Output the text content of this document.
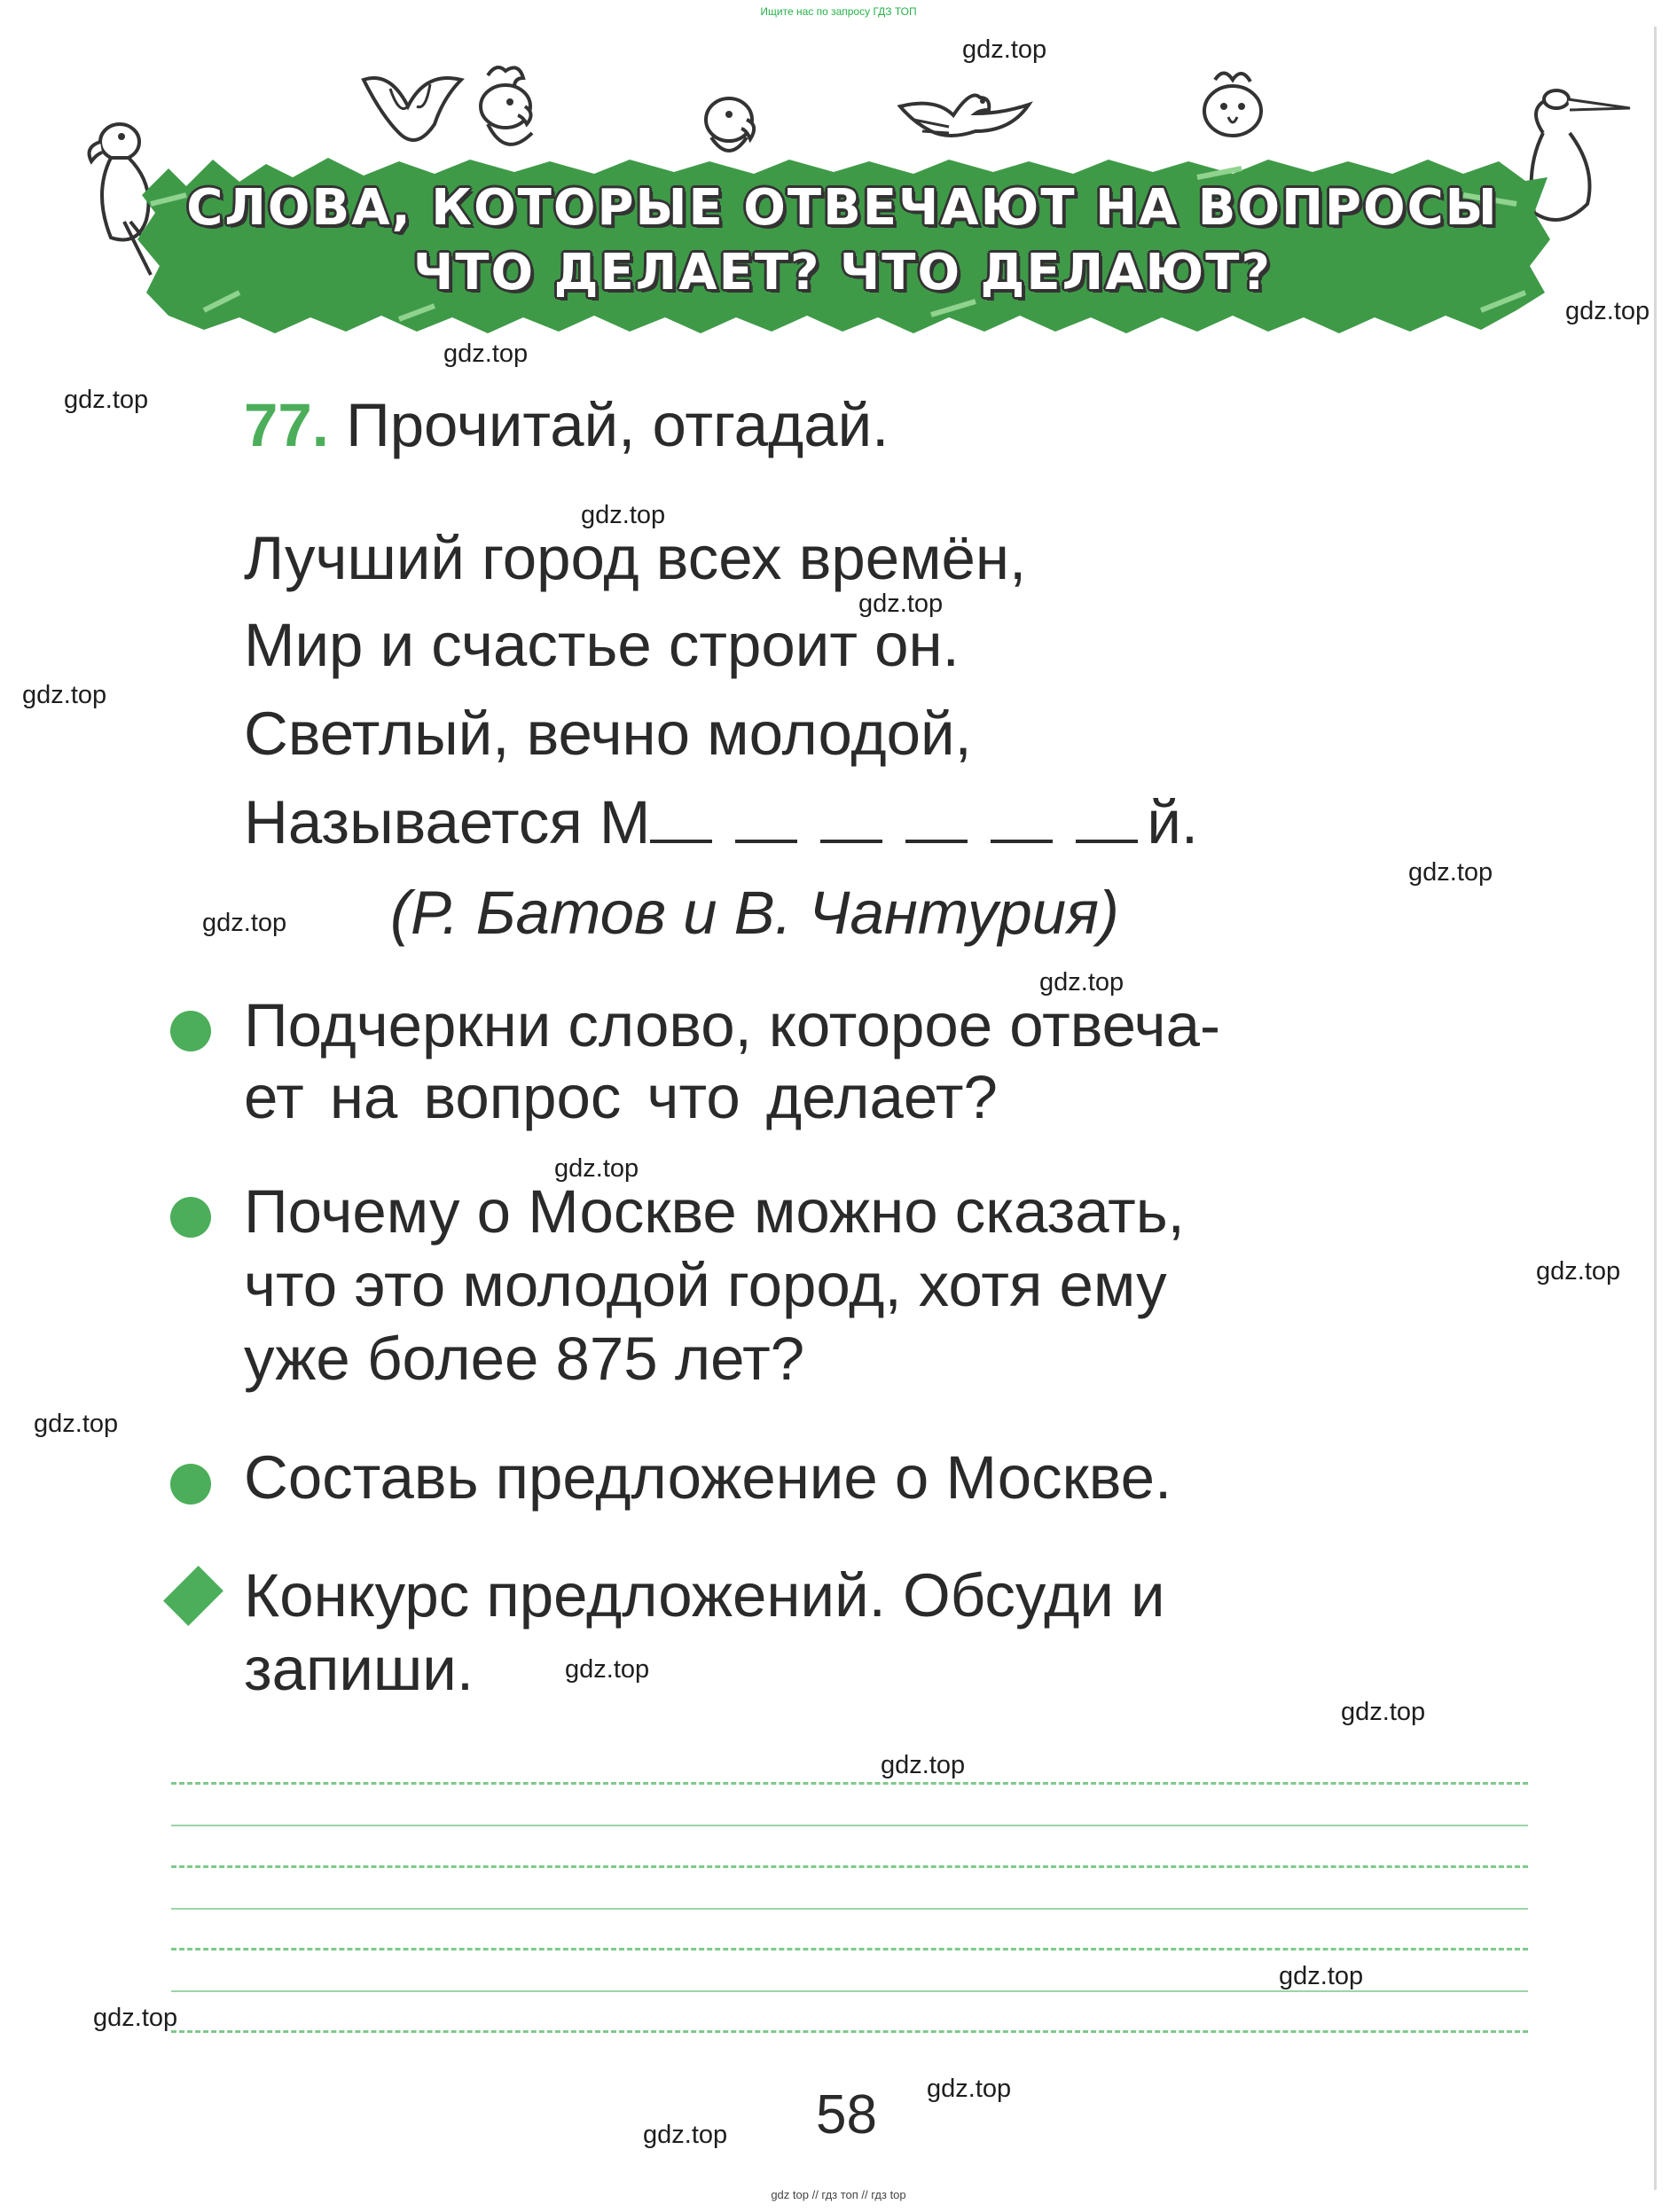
Ищите нас по запросу ГДЗ ТОП
СЛОВА, КОТОРЫЕ ОТВЕЧАЮТ НА ВОПРОСЫ
ЧТО ДЕЛАЕТ? ЧТО ДЕЛАЮТ?
77. Прочитай, отгадай.
Лучший город всех времён,
Мир и счастье строит он.
Светлый, вечно молодой,
Называется М	й.
(Р. Батов и В. Чантурия)
Подчеркни слово, которое отвеча-
ет на вопрос что делает?
Почему о Москве можно сказать,
что это молодой город, хотя ему
уже более 875 лет?
Составь предложение о Москве.
Конкурс предложений. Обсуди и
запиши.
58
gdz.top
gdz.top
gdz.top
gdz.top
gdz.top
gdz.top
gdz.top
gdz.top
gdz.top
gdz.top
gdz.top
gdz.top
gdz.top
gdz.top
gdz.top
gdz.top
gdz.top
gdz.top
gdz.top
gdz.top
gdz top // гдз топ // гдз top
